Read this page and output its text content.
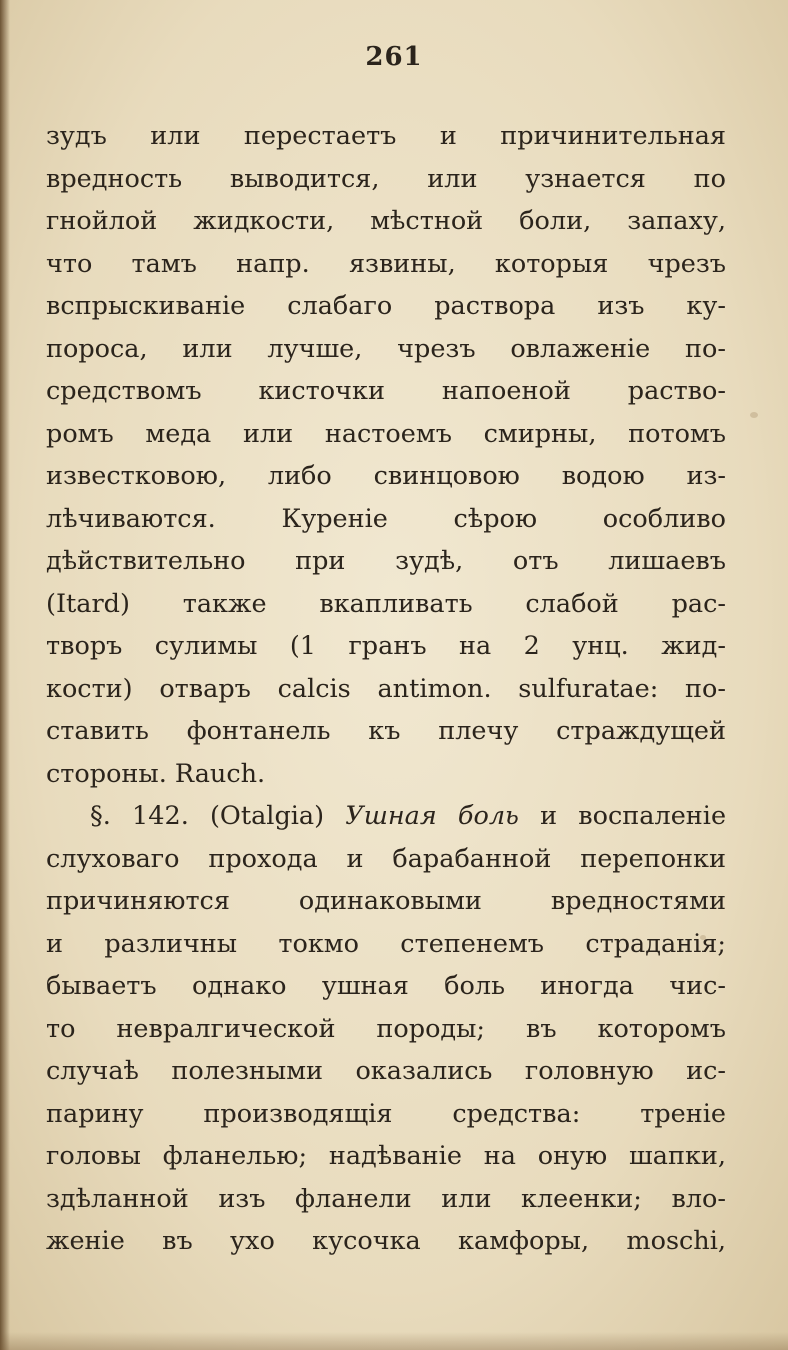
261
зудъ или перестаетъ и причинительная
вредность выводится, или узнается по
гнойлой жидкости, мѣстной боли, запаху,
что тамъ напр. язвины, которыя чрезъ
вспрыскиваніе слабаго раствора изъ ку-
пороса, или лучше, чрезъ овлаженіе по-
средствомъ кисточки напоеной раство-
ромъ меда или настоемъ смирны, потомъ
известковою, либо свинцовою водою из-
лѣчиваются. Куреніе сѣрою особливо
дѣйствительно при зудѣ, отъ лишаевъ
(Itard) также вкапливать слабой рас-
творъ сулимы (1 гранъ на 2 унц. жид-
кости) отваръ calcis antimon. sulfuratae: по-
ставить фонтанель къ плечу страждущей
стороны. Rauch.
§. 142. (Otalgia) Ушная боль и воспаленіе
слуховаго прохода и барабанной перепонки
причиняются одинаковыми вредностями
и различны токмо степенемъ страданія;
бываетъ однако ушная боль иногда чис-
то невралгической породы; въ которомъ
случаѣ полезными оказались головную ис-
парину производящія средства: треніе
головы фланелью; надѣваніе на оную шапки,
здѣланной изъ фланели или клеенки; вло-
женіе въ ухо кусочка камфоры, moschi,
